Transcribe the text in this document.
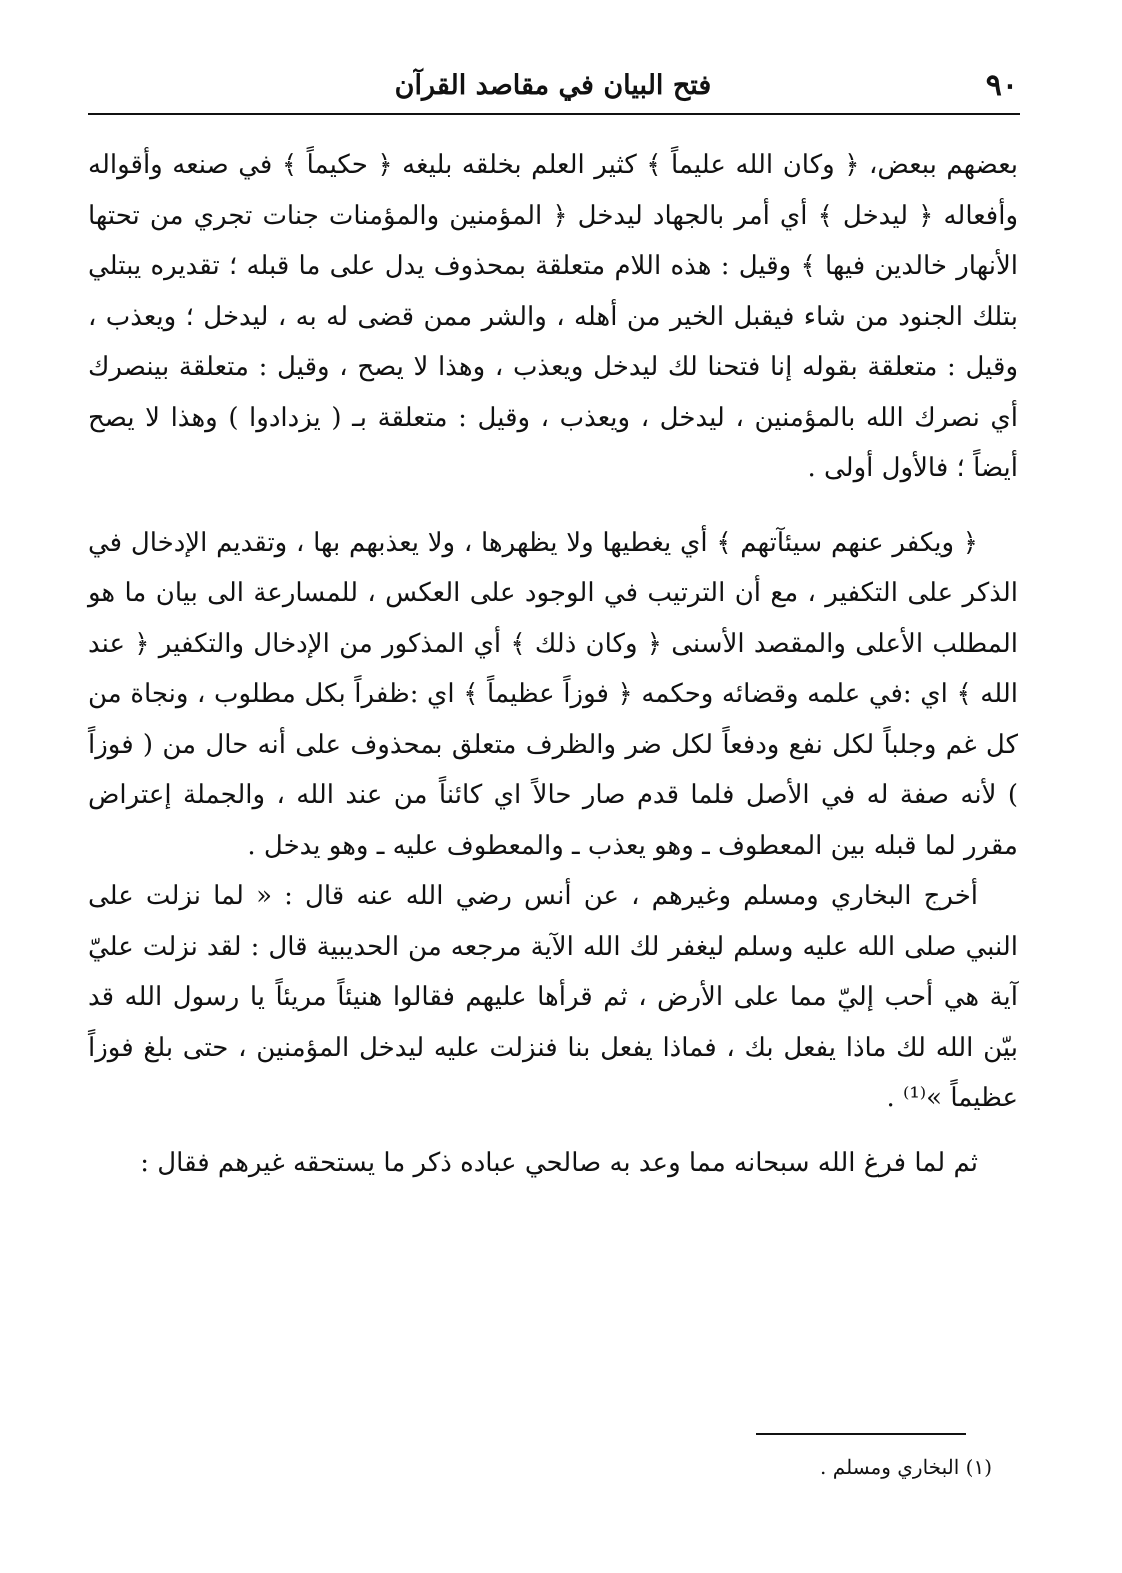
٩٠
فتح البيان في مقاصد القرآن

بعضهم ببعض، ﴿ وكان الله عليماً ﴾ كثير العلم بخلقه بليغه ﴿ حكيماً ﴾ في صنعه وأقواله وأفعاله ﴿ ليدخل ﴾ أي أمر بالجهاد ليدخل ﴿ المؤمنين والمؤمنات جنات تجري من تحتها الأنهار خالدين فيها ﴾ وقيل : هذه اللام متعلقة بمحذوف يدل على ما قبله ؛ تقديره يبتلي بتلك الجنود من شاء فيقبل الخير من أهله ، والشر ممن قضى له به ، ليدخل ؛ ويعذب ، وقيل : متعلقة بقوله إنا فتحنا لك ليدخل ويعذب ، وهذا لا يصح ، وقيل : متعلقة بينصرك أي نصرك الله بالمؤمنين ، ليدخل ، ويعذب ، وقيل : متعلقة بـ ( يزدادوا ) وهذا لا يصح أيضاً ؛ فالأول أولى .

﴿ ويكفر عنهم سيئآتهم ﴾ أي يغطيها ولا يظهرها ، ولا يعذبهم بها ، وتقديم الإدخال في الذكر على التكفير ، مع أن الترتيب في الوجود على العكس ، للمسارعة الى بيان ما هو المطلب الأعلى والمقصد الأسنى ﴿ وكان ذلك ﴾ أي المذكور من الإدخال والتكفير ﴿ عند الله ﴾ اي :في علمه وقضائه وحكمه ﴿ فوزاً عظيماً ﴾ اي :ظفراً بكل مطلوب ، ونجاة من كل غم وجلباً لكل نفع ودفعاً لكل ضر والظرف متعلق بمحذوف على أنه حال من ( فوزاً ) لأنه صفة له في الأصل فلما قدم صار حالاً اي كائناً من عند الله ، والجملة إعتراض مقرر لما قبله بين المعطوف ـ وهو يعذب ـ والمعطوف عليه ـ وهو يدخل .

أخرج البخاري ومسلم وغيرهم ، عن أنس رضي الله عنه قال : « لما نزلت على النبي صلى الله عليه وسلم ليغفر لك الله الآية مرجعه من الحديبية قال : لقد نزلت عليّ آية هي أحب إليّ مما على الأرض ، ثم قرأها عليهم فقالوا هنيئاً مريئاً يا رسول الله قد بيّن الله لك ماذا يفعل بك ، فماذا يفعل بنا فنزلت عليه ليدخل المؤمنين ، حتى بلغ فوزاً عظيماً »⁽¹⁾ .

ثم لما فرغ الله سبحانه مما وعد به صالحي عباده ذكر ما يستحقه غيرهم فقال :

(١) البخاري ومسلم .
